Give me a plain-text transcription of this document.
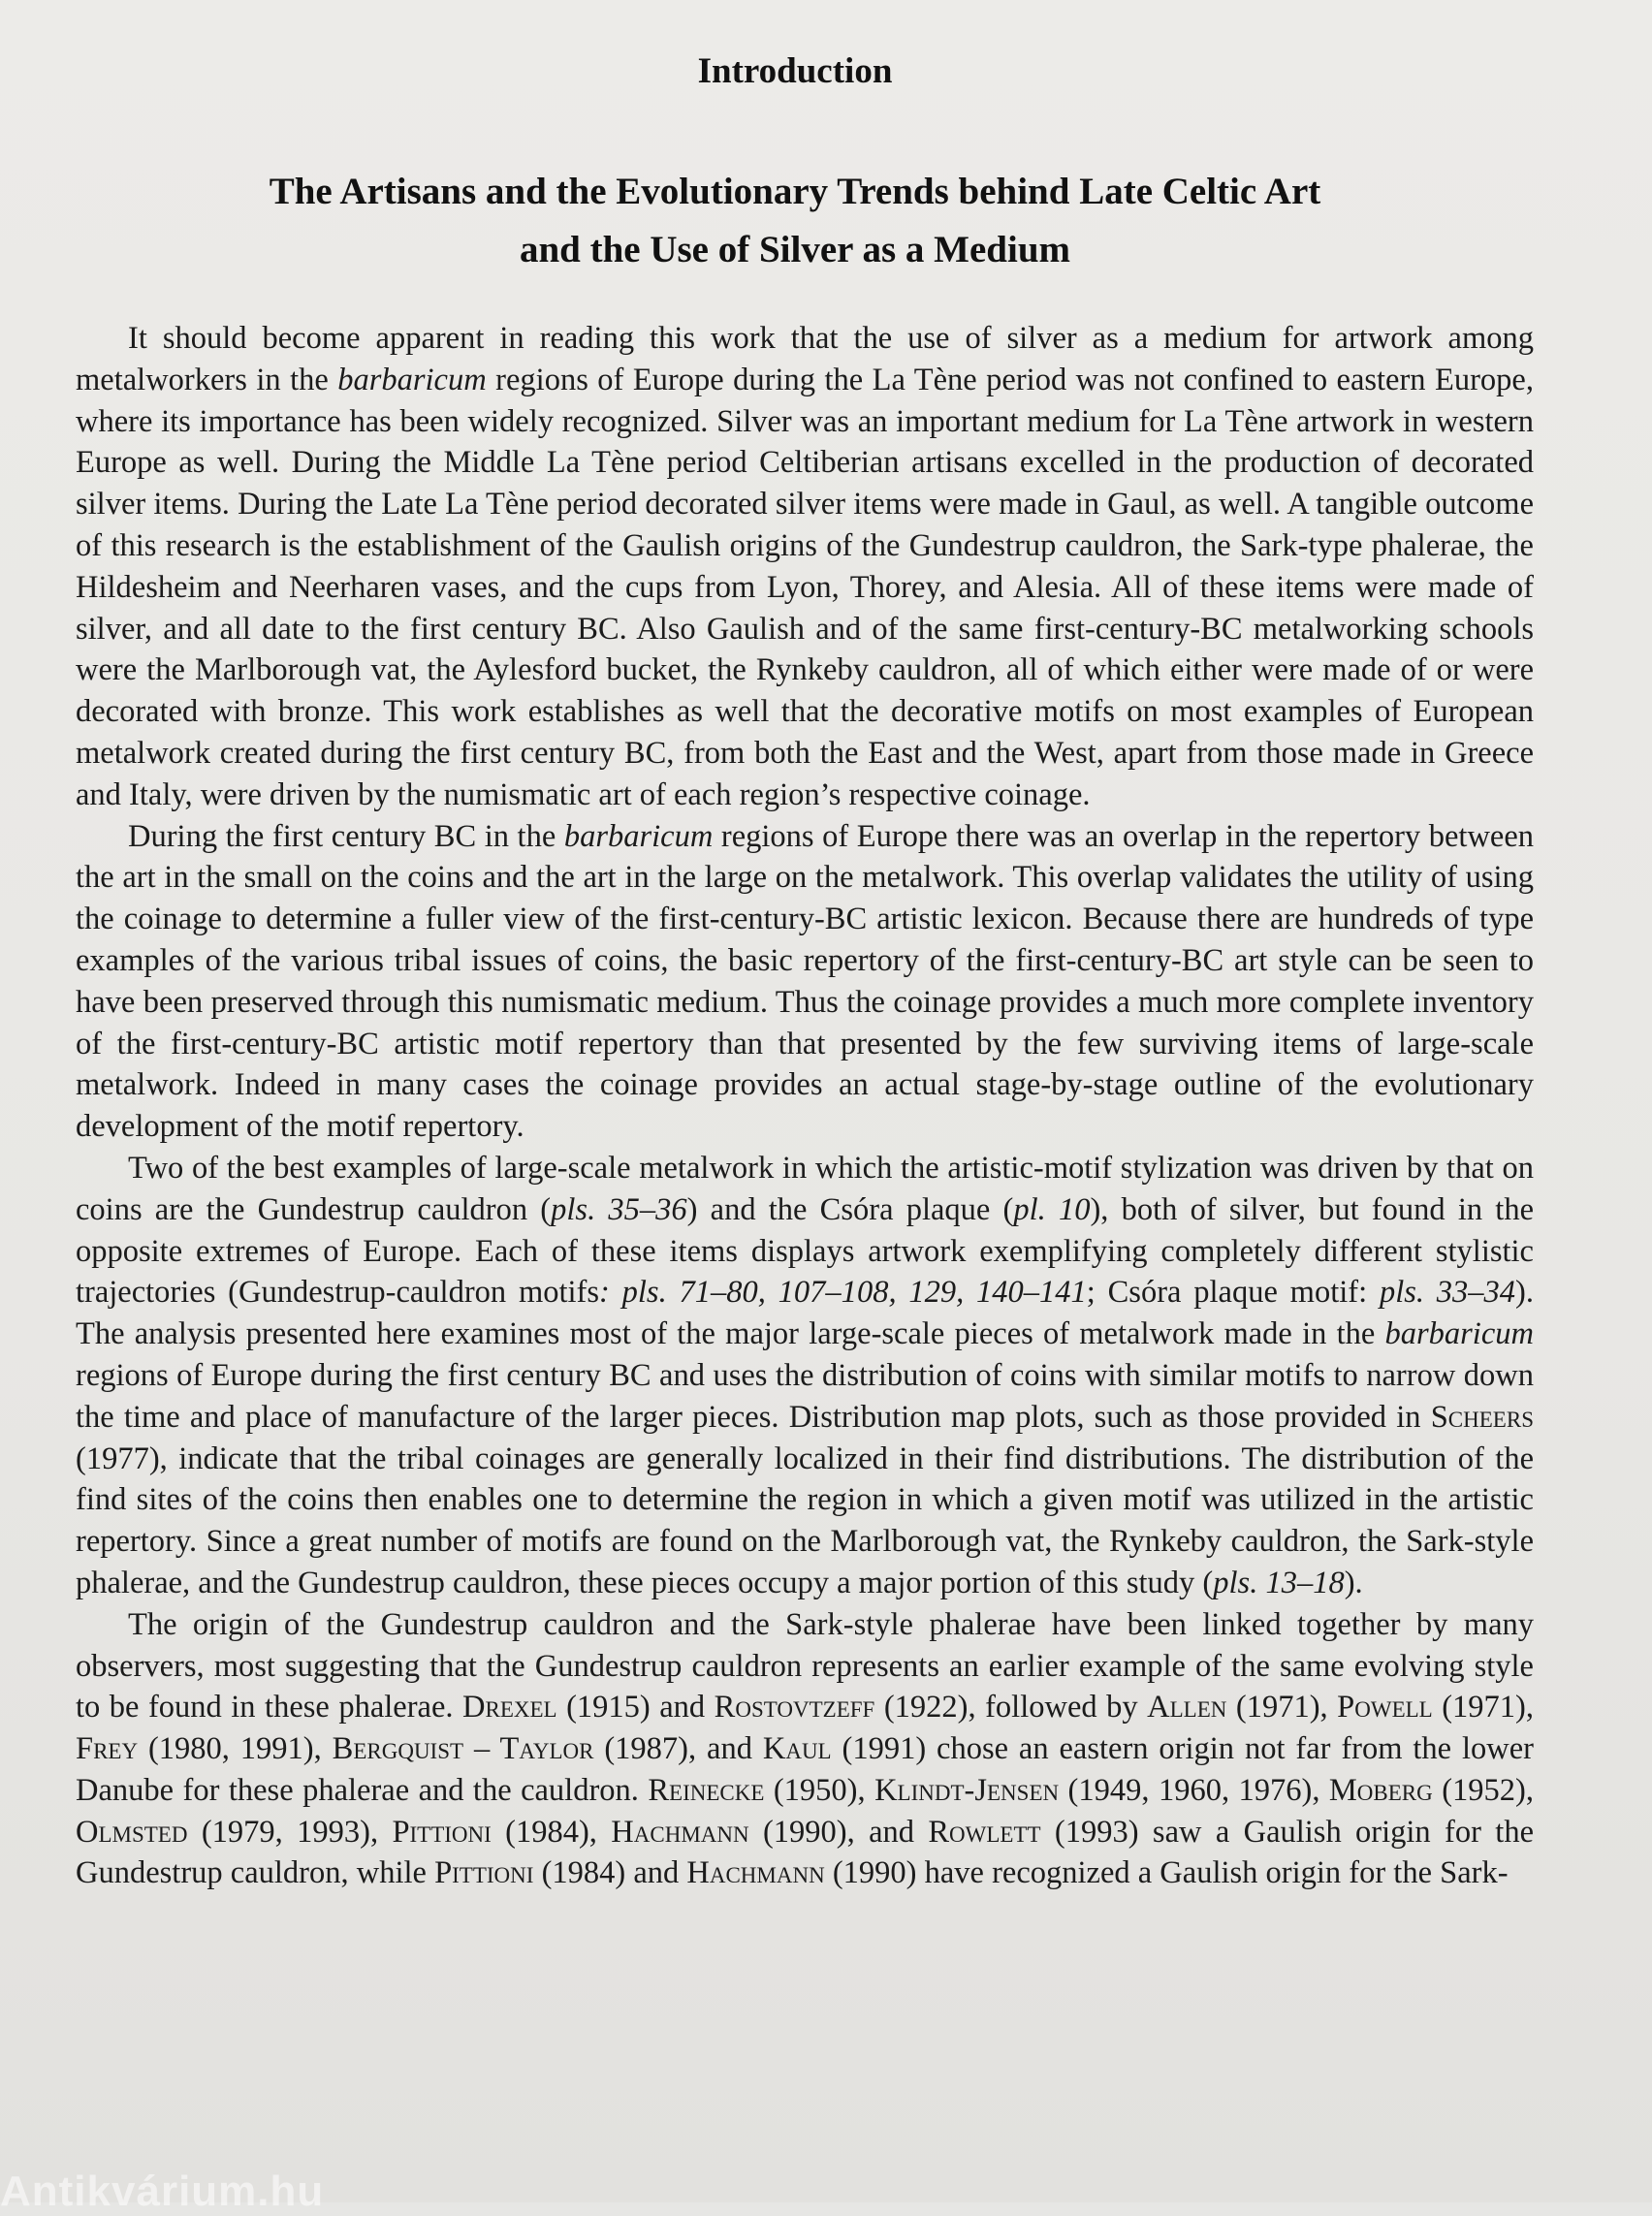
Introduction
The Artisans and the Evolutionary Trends behind Late Celtic Art
and the Use of Silver as a Medium

It should become apparent in reading this work that the use of silver as a medium for artwork among metalworkers in the barbaricum regions of Europe during the La Tène period was not confined to eastern Europe, where its importance has been widely recognized. Silver was an important medium for La Tène artwork in western Europe as well. During the Middle La Tène period Celtiberian artisans excelled in the production of decorated silver items. During the Late La Tène period decorated silver items were made in Gaul, as well. A tangible outcome of this research is the establishment of the Gaulish origins of the Gundestrup cauldron, the Sark-type phalerae, the Hildesheim and Neerharen vases, and the cups from Lyon, Thorey, and Alesia. All of these items were made of silver, and all date to the first century BC. Also Gaulish and of the same first-century-BC metalworking schools were the Marlborough vat, the Aylesford bucket, the Rynkeby cauldron, all of which either were made of or were decorated with bronze. This work establishes as well that the decorative motifs on most examples of European metalwork created during the first century BC, from both the East and the West, apart from those made in Greece and Italy, were driven by the numismatic art of each region’s respective coinage.

During the first century BC in the barbaricum regions of Europe there was an overlap in the repertory between the art in the small on the coins and the art in the large on the metalwork. This overlap validates the utility of using the coinage to determine a fuller view of the first-century-BC artistic lexicon. Because there are hundreds of type examples of the various tribal issues of coins, the basic repertory of the first-century-BC art style can be seen to have been preserved through this numismatic medium. Thus the coinage provides a much more complete inventory of the first-century-BC artistic motif repertory than that presented by the few surviving items of large-scale metalwork. Indeed in many cases the coinage provides an actual stage-by-stage outline of the evolutionary development of the motif repertory.

Two of the best examples of large-scale metalwork in which the artistic-motif stylization was driven by that on coins are the Gundestrup cauldron (pls. 35–36) and the Csóra plaque (pl. 10), both of silver, but found in the opposite extremes of Europe. Each of these items displays artwork exemplifying completely different stylistic trajectories (Gundestrup-cauldron motifs: pls. 71–80, 107–108, 129, 140–141; Csóra plaque motif: pls. 33–34). The analysis presented here examines most of the major large-scale pieces of metalwork made in the barbaricum regions of Europe during the first century BC and uses the distribution of coins with similar motifs to narrow down the time and place of manufacture of the larger pieces. Distribution map plots, such as those provided in Scheers (1977), indicate that the tribal coinages are generally localized in their find distributions. The distribution of the find sites of the coins then enables one to determine the region in which a given motif was utilized in the artistic repertory. Since a great number of motifs are found on the Marlborough vat, the Rynkeby cauldron, the Sark-style phalerae, and the Gundestrup cauldron, these pieces occupy a major portion of this study (pls. 13–18).

The origin of the Gundestrup cauldron and the Sark-style phalerae have been linked together by many observers, most suggesting that the Gundestrup cauldron represents an earlier example of the same evolving style to be found in these phalerae. Drexel (1915) and Rostovtzeff (1922), followed by Allen (1971), Powell (1971), Frey (1980, 1991), Bergquist – Taylor (1987), and Kaul (1991) chose an eastern origin not far from the lower Danube for these phalerae and the cauldron. Reinecke (1950), Klindt-Jensen (1949, 1960, 1976), Moberg (1952), Olmsted (1979, 1993), Pittioni (1984), Hachmann (1990), and Rowlett (1993) saw a Gaulish origin for the Gundestrup cauldron, while Pittioni (1984) and Hachmann (1990) have recognized a Gaulish origin for the Sark-

Antikvárium.hu
